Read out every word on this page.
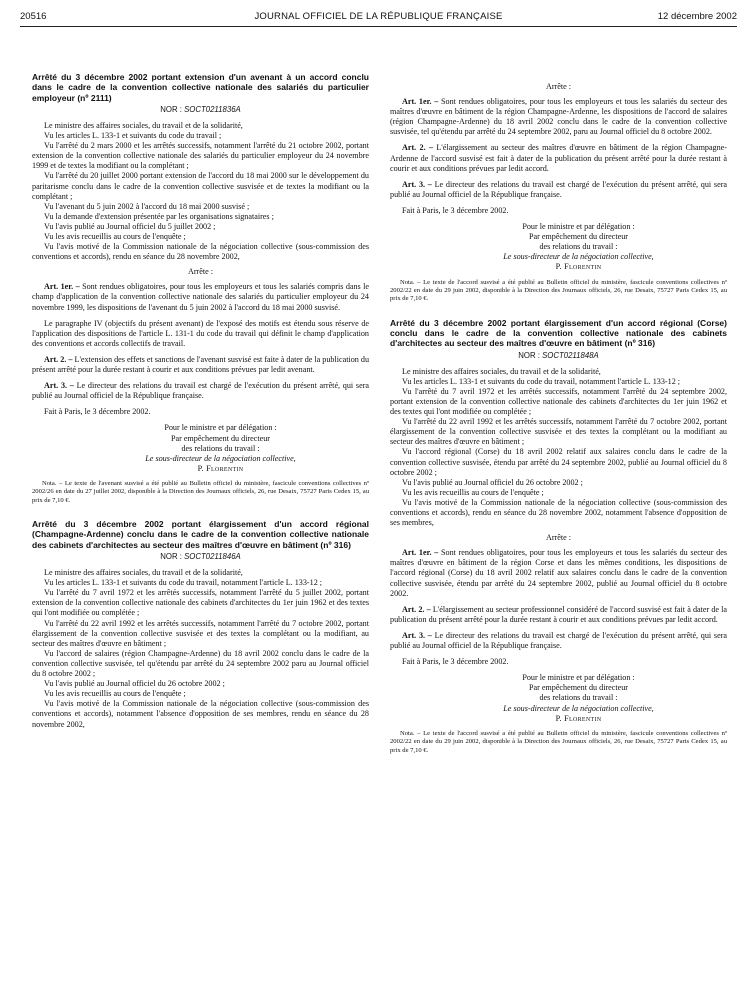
20516	JOURNAL OFFICIEL DE LA RÉPUBLIQUE FRANÇAISE	12 décembre 2002
Arrêté du 3 décembre 2002 portant extension d'un avenant à un accord conclu dans le cadre de la convention collective nationale des salariés du particulier employeur (nº 2111)
NOR : SOCT0211836A

Le ministre des affaires sociales, du travail et de la solidarité,

Vu les articles L. 133-1 et suivants du code du travail ;

Vu l'arrêté du 2 mars 2000 et les arrêtés successifs, notamment l'arrêté du 21 octobre 2002, portant extension de la convention collective nationale des salariés du particulier employeur du 24 novembre 1999 et de textes la modifiant ou la complétant ;

Vu l'arrêté du 20 juillet 2000 portant extension de l'accord du 18 mai 2000 sur le développement du paritarisme conclu dans le cadre de la convention collective susvisée et de textes la modifiant ou la complétant ;

Vu l'avenant du 5 juin 2002 à l'accord du 18 mai 2000 susvisé ;

Vu la demande d'extension présentée par les organisations signataires ;

Vu l'avis publié au Journal officiel du 5 juillet 2002 ;

Vu les avis recueillis au cours de l'enquête ;

Vu l'avis motivé de la Commission nationale de la négociation collective (sous-commission des conventions et accords), rendu en séance du 28 novembre 2002,

Arrête :

Art. 1er. – Sont rendues obligatoires, pour tous les employeurs et tous les salariés compris dans le champ d'application de la convention collective nationale des salariés du particulier employeur du 24 novembre 1999, les dispositions de l'avenant du 5 juin 2002 à l'accord du 18 mai 2000 susvisé.

Le paragraphe IV (objectifs du présent avenant) de l'exposé des motifs est étendu sous réserve de l'application des dispositions de l'article L. 131-1 du code du travail qui définit le champ d'application des conventions et accords collectifs de travail.

Art. 2. – L'extension des effets et sanctions de l'avenant susvisé est faite à dater de la publication du présent arrêté pour la durée restant à courir et aux conditions prévues par ledit avenant.

Art. 3. – Le directeur des relations du travail est chargé de l'exécution du présent arrêté, qui sera publié au Journal officiel de la République française.

Fait à Paris, le 3 décembre 2002.

Pour le ministre et par délégation :
Par empêchement du directeur
des relations du travail :
Le sous-directeur de la négociation collective,
P. Florentin

Nota. – Le texte de l'avenant susvisé a été publié au Bulletin officiel du ministère, fascicule conventions collectives nº 2002/26 en date du 27 juillet 2002, disponible à la Direction des Journaux officiels, 26, rue Desaix, 75727 Paris Cedex 15, au prix de 7,10 €.

Arrêté du 3 décembre 2002 portant élargissement d'un accord régional (Champagne-Ardenne) conclu dans le cadre de la convention collective nationale des cabinets d'architectes au secteur des maîtres d'œuvre en bâtiment (nº 316)
NOR : SOCT0211846A

Le ministre des affaires sociales, du travail et de la solidarité,

Vu les articles L. 133-1 et suivants du code du travail, notamment l'article L. 133-12 ;

Vu l'arrêté du 7 avril 1972 et les arrêtés successifs, notamment l'arrêté du 5 juillet 2002, portant extension de la convention collective nationale des cabinets d'architectes du 1er juin 1962 et des textes qui l'ont modifiée ou complétée ;

Vu l'arrêté du 22 avril 1992 et les arrêtés successifs, notamment l'arrêté du 7 octobre 2002, portant élargissement de la convention collective susvisée et des textes la complétant ou la modifiant, au secteur des maîtres d'œuvre en bâtiment ;

Vu l'accord de salaires (région Champagne-Ardenne) du 18 avril 2002 conclu dans le cadre de la convention collective susvisée, tel qu'étendu par arrêté du 24 septembre 2002 paru au Journal officiel du 8 octobre 2002 ;

Vu l'avis publié au Journal officiel du 26 octobre 2002 ;

Vu les avis recueillis au cours de l'enquête ;

Vu l'avis motivé de la Commission nationale de la négociation collective (sous-commission des conventions et accords), notamment l'absence d'opposition de ses membres, rendu en séance du 28 novembre 2002,

Arrête :

Art. 1er. – Sont rendues obligatoires, pour tous les employeurs et tous les salariés du secteur des maîtres d'œuvre en bâtiment de la région Champagne-Ardenne, les dispositions de l'accord de salaires (région Champagne-Ardenne) du 18 avril 2002 conclu dans le cadre de la convention collective susvisée, tel qu'étendu par arrêté du 24 septembre 2002, paru au Journal officiel du 8 octobre 2002.

Art. 2. – L'élargissement au secteur des maîtres d'œuvre en bâtiment de la région Champagne-Ardenne de l'accord susvisé est fait à dater de la publication du présent arrêté pour la durée restant à courir et aux conditions prévues par ledit accord.

Art. 3. – Le directeur des relations du travail est chargé de l'exécution du présent arrêté, qui sera publié au Journal officiel de la République française.

Fait à Paris, le 3 décembre 2002.

Pour le ministre et par délégation :
Par empêchement du directeur
des relations du travail :
Le sous-directeur de la négociation collective,
P. Florentin

Nota. – Le texte de l'accord susvisé a été publié au Bulletin officiel du ministère, fascicule conventions collectives nº 2002/22 en date du 29 juin 2002, disponible à la Direction des Journaux officiels, 26, rue Desaix, 75727 Paris Cedex 15, au prix de 7,10 €.

Arrêté du 3 décembre 2002 portant élargissement d'un accord régional (Corse) conclu dans le cadre de la convention collective nationale des cabinets d'architectes au secteur des maîtres d'œuvre en bâtiment (nº 316)
NOR : SOCT0211848A

Le ministre des affaires sociales, du travail et de la solidarité,

Vu les articles L. 133-1 et suivants du code du travail, notamment l'article L. 133-12 ;

Vu l'arrêté du 7 avril 1972 et les arrêtés successifs, notamment l'arrêté du 24 septembre 2002, portant extension de la convention collective nationale des cabinets d'architectes du 1er juin 1962 et des textes qui l'ont modifiée ou complétée ;

Vu l'arrêté du 22 avril 1992 et les arrêtés successifs, notamment l'arrêté du 7 octobre 2002, portant élargissement de la convention collective susvisée et des textes la complétant ou la modifiant au secteur des maîtres d'œuvre en bâtiment ;

Vu l'accord régional (Corse) du 18 avril 2002 relatif aux salaires conclu dans le cadre de la convention collective susvisée, étendu par arrêté du 24 septembre 2002, publié au Journal officiel du 8 octobre 2002 ;

Vu l'avis publié au Journal officiel du 26 octobre 2002 ;

Vu les avis recueillis au cours de l'enquête ;

Vu l'avis motivé de la Commission nationale de la négociation collective (sous-commission des conventions et accords), rendu en séance du 28 novembre 2002, notamment l'absence d'opposition de ses membres,

Arrête :

Art. 1er. – Sont rendues obligatoires, pour tous les employeurs et tous les salariés du secteur des maîtres d'œuvre en bâtiment de la région Corse et dans les mêmes conditions, les dispositions de l'accord régional (Corse) du 18 avril 2002 relatif aux salaires conclu dans le cadre de la convention collective susvisée, étendu par arrêté du 24 septembre 2002, publié au Journal officiel du 8 octobre 2002.

Art. 2. – L'élargissement au secteur professionnel considéré de l'accord susvisé est fait à dater de la publication du présent arrêté pour la durée restant à courir et aux conditions prévues par ledit accord.

Art. 3. – Le directeur des relations du travail est chargé de l'exécution du présent arrêté, qui sera publié au Journal officiel de la République française.

Fait à Paris, le 3 décembre 2002.

Pour le ministre et par délégation :
Par empêchement du directeur
des relations du travail :
Le sous-directeur de la négociation collective,
P. Florentin

Nota. – Le texte de l'accord susvisé a été publié au Bulletin officiel du ministère, fascicule conventions collectives nº 2002/22 en date du 29 juin 2002, disponible à la Direction des Journaux officiels, 26, rue Desaix, 75727 Paris Cedex 15, au prix de 7,10 €.
